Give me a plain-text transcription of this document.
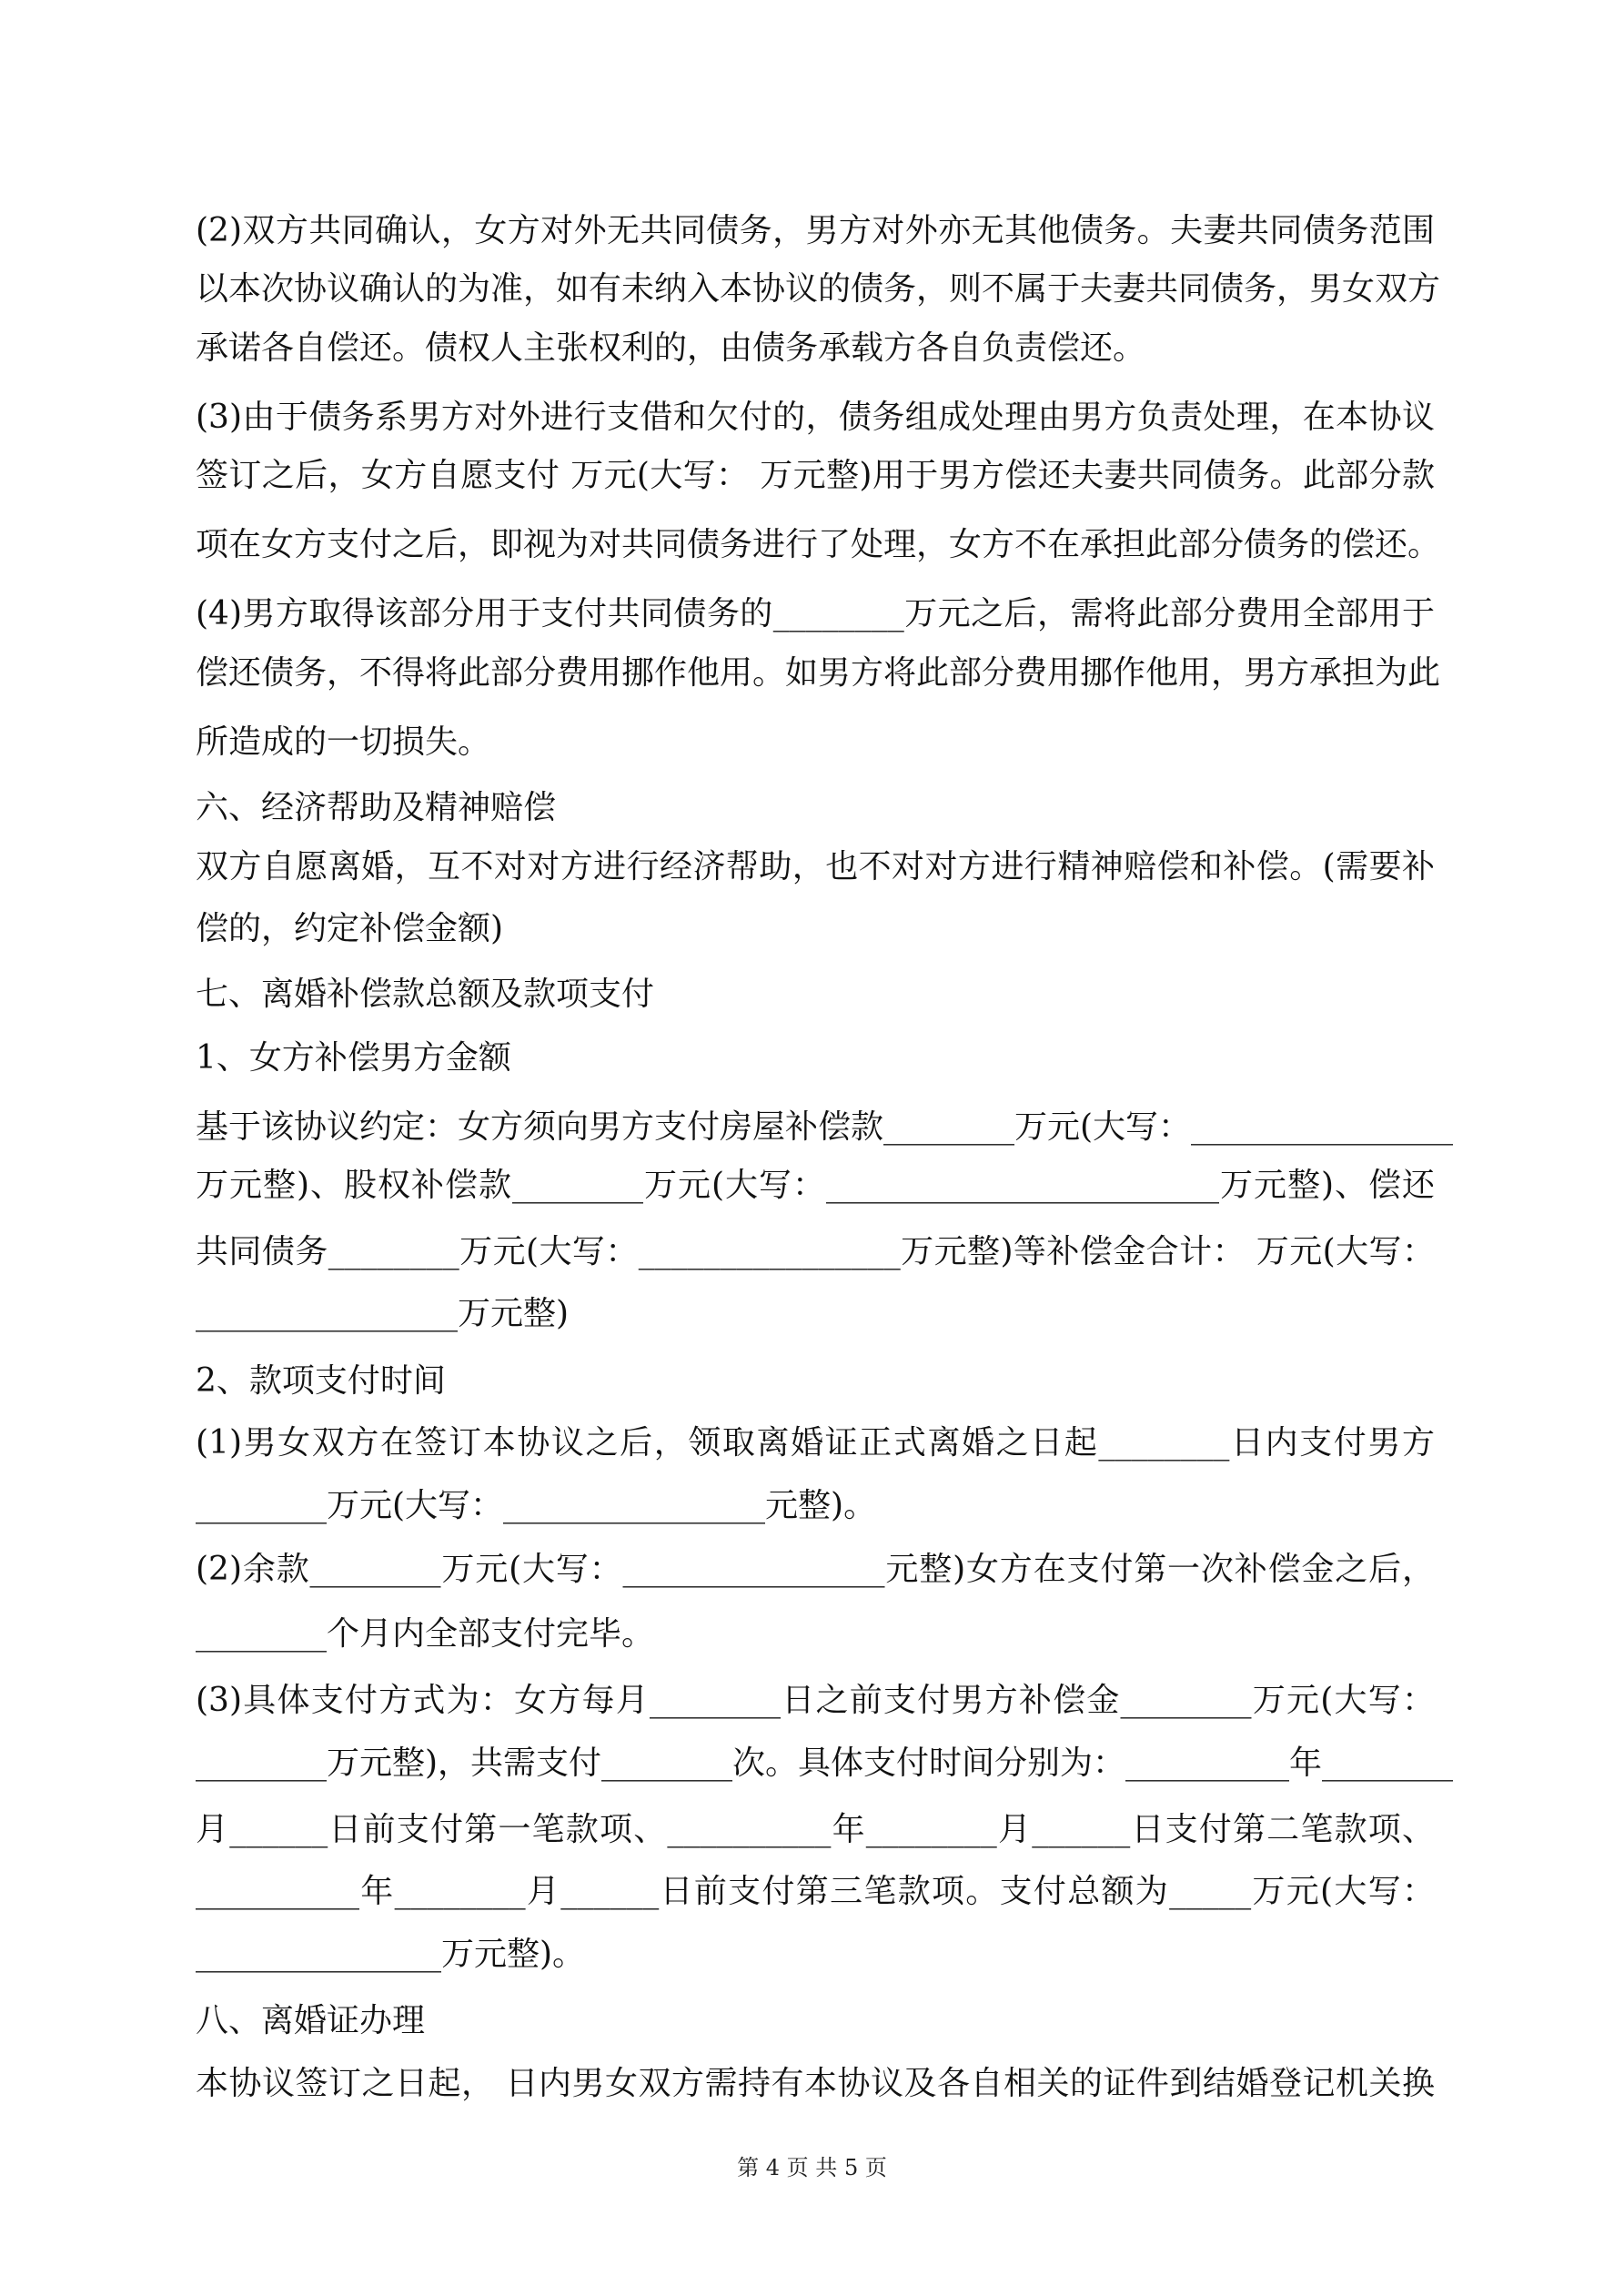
(2)双方共同确认，女方对外无共同债务，男方对外亦无其他债务。夫妻共同债务范围
以本次协议确认的为准，如有未纳入本协议的债务，则不属于夫妻共同债务，男女双方
承诺各自偿还。债权人主张权利的，由债务承载方各自负责偿还。
(3)由于债务系男方对外进行支借和欠付的，债务组成处理由男方负责处理，在本协议
签订之后，女方自愿支付 万元(大写： 万元整)用于男方偿还夫妻共同债务。此部分款
项在女方支付之后，即视为对共同债务进行了处理，女方不在承担此部分债务的偿还。
(4)男方取得该部分用于支付共同债务的________万元之后，需将此部分费用全部用于
偿还债务，不得将此部分费用挪作他用。如男方将此部分费用挪作他用，男方承担为此
所造成的一切损失。
六、经济帮助及精神赔偿
双方自愿离婚，互不对对方进行经济帮助，也不对对方进行精神赔偿和补偿。(需要补
偿的，约定补偿金额)
七、离婚补偿款总额及款项支付
1、女方补偿男方金额
基于该协议约定：女方须向男方支付房屋补偿款________万元(大写：________________
万元整)、股权补偿款________万元(大写：________________________万元整)、偿还
共同债务________万元(大写：________________万元整)等补偿金合计： 万元(大写：
________________万元整)
2、款项支付时间
(1)男女双方在签订本协议之后，领取离婚证正式离婚之日起________日内支付男方
________万元(大写：________________元整)。
(2)余款________万元(大写：________________元整)女方在支付第一次补偿金之后，
________个月内全部支付完毕。
(3)具体支付方式为：女方每月________日之前支付男方补偿金________万元(大写：
________万元整)，共需支付________次。具体支付时间分别为：__________年________
月______日前支付第一笔款项、__________年________月______日支付第二笔款项、
__________年________月______日前支付第三笔款项。支付总额为_____万元(大写：
_______________万元整)。
八、离婚证办理
本协议签订之日起， 日内男女双方需持有本协议及各自相关的证件到结婚登记机关换
第 4 页 共 5 页
